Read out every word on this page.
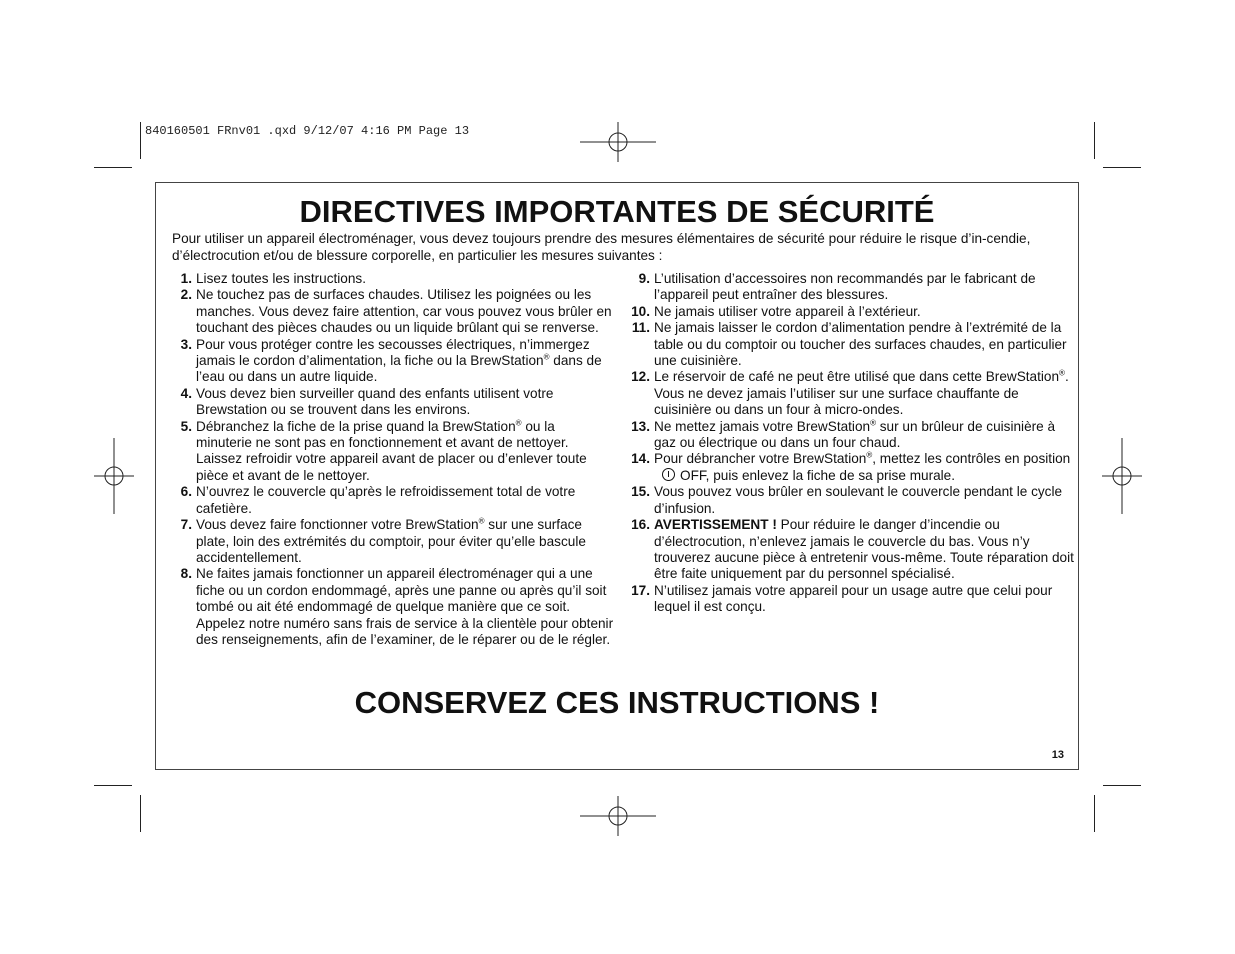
840160501 FRnv01 .qxd 9/12/07 4:16 PM Page 13
DIRECTIVES IMPORTANTES DE SÉCURITÉ
Pour utiliser un appareil électroménager, vous devez toujours prendre des mesures élémentaires de sécurité pour réduire le risque d’in-cendie, d’électrocution et/ou de blessure corporelle, en particulier les mesures suivantes :
1. Lisez toutes les instructions.
2. Ne touchez pas de surfaces chaudes. Utilisez les poignées ou les manches. Vous devez faire attention, car vous pouvez vous brûler en touchant des pièces chaudes ou un liquide brûlant qui se renverse.
3. Pour vous protéger contre les secousses électriques, n’immergez jamais le cordon d’alimentation, la fiche ou la BrewStation® dans de l’eau ou dans un autre liquide.
4. Vous devez bien surveiller quand des enfants utilisent votre Brewstation ou se trouvent dans les environs.
5. Débranchez la fiche de la prise quand la BrewStation® ou la minuterie ne sont pas en fonctionnement et avant de nettoyer. Laissez refroidir votre appareil avant de placer ou d’enlever toute pièce et avant de le nettoyer.
6. N’ouvrez le couvercle qu’après le refroidissement total de votre cafetière.
7. Vous devez faire fonctionner votre BrewStation® sur une surface plate, loin des extrémités du comptoir, pour éviter qu’elle bascule accidentellement.
8. Ne faites jamais fonctionner un appareil électroménager qui a une fiche ou un cordon endommagé, après une panne ou après qu’il soit tombé ou ait été endommagé de quelque manière que ce soit. Appelez notre numéro sans frais de service à la clientèle pour obtenir des renseignements, afin de l’examiner, de le réparer ou de le régler.
9. L’utilisation d’accessoires non recommandés par le fabricant de l’appareil peut entraîner des blessures.
10. Ne jamais utiliser votre appareil à l’extérieur.
11. Ne jamais laisser le cordon d’alimentation pendre à l’extrémité de la table ou du comptoir ou toucher des surfaces chaudes, en particulier une cuisinière.
12. Le réservoir de café ne peut être utilisé que dans cette BrewStation®. Vous ne devez jamais l’utiliser sur une surface chauffante de cuisinière ou dans un four à micro-ondes.
13. Ne mettez jamais votre BrewStation® sur un brûleur de cuisinière à gaz ou électrique ou dans un four chaud.
14. Pour débrancher votre BrewStation®, mettez les contrôles en positionOFF, puis enlevez la fiche de sa prise murale.
15. Vous pouvez vous brûler en soulevant le couvercle pendant le cycle d’infusion.
16. AVERTISSEMENT ! Pour réduire le danger d’incendie ou d’électrocution, n’enlevez jamais le couvercle du bas. Vous n’y trouverez aucune pièce à entretenir vous-même. Toute réparation doit être faite uniquement par du personnel spécialisé.
17. N’utilisez jamais votre appareil pour un usage autre que celui pour lequel il est conçu.
CONSERVEZ CES INSTRUCTIONS !
13
